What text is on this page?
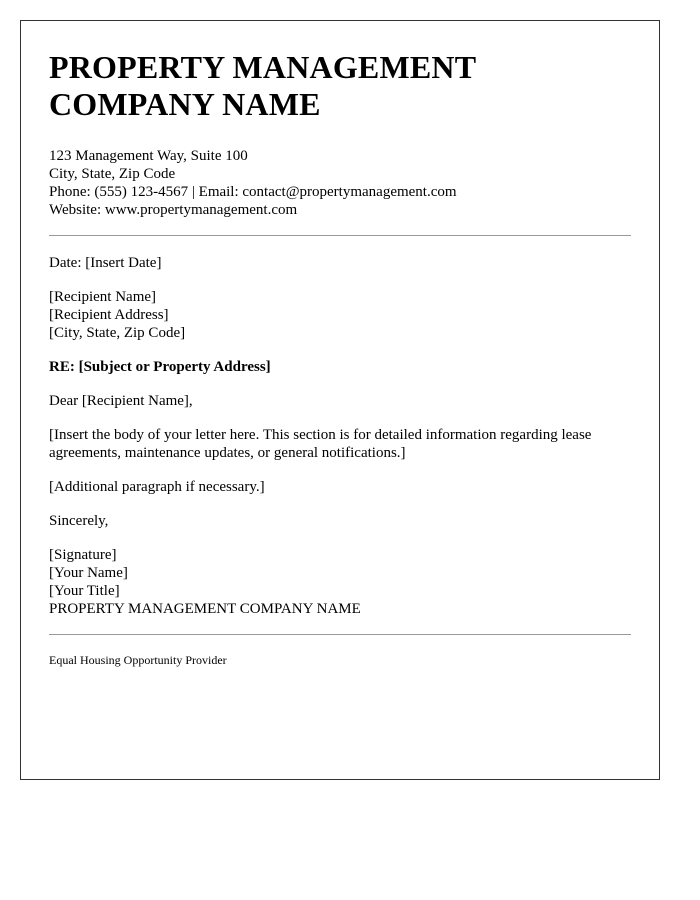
PROPERTY MANAGEMENT
COMPANY NAME
123 Management Way, Suite 100
City, State, Zip Code
Phone: (555) 123-4567 | Email: contact@propertymanagement.com
Website: www.propertymanagement.com
Date: [Insert Date]
[Recipient Name]
[Recipient Address]
[City, State, Zip Code]
RE: [Subject or Property Address]
Dear [Recipient Name],
[Insert the body of your letter here. This section is for detailed information regarding lease agreements, maintenance updates, or general notifications.]
[Additional paragraph if necessary.]
Sincerely,
[Signature]
[Your Name]
[Your Title]
PROPERTY MANAGEMENT COMPANY NAME
Equal Housing Opportunity Provider
